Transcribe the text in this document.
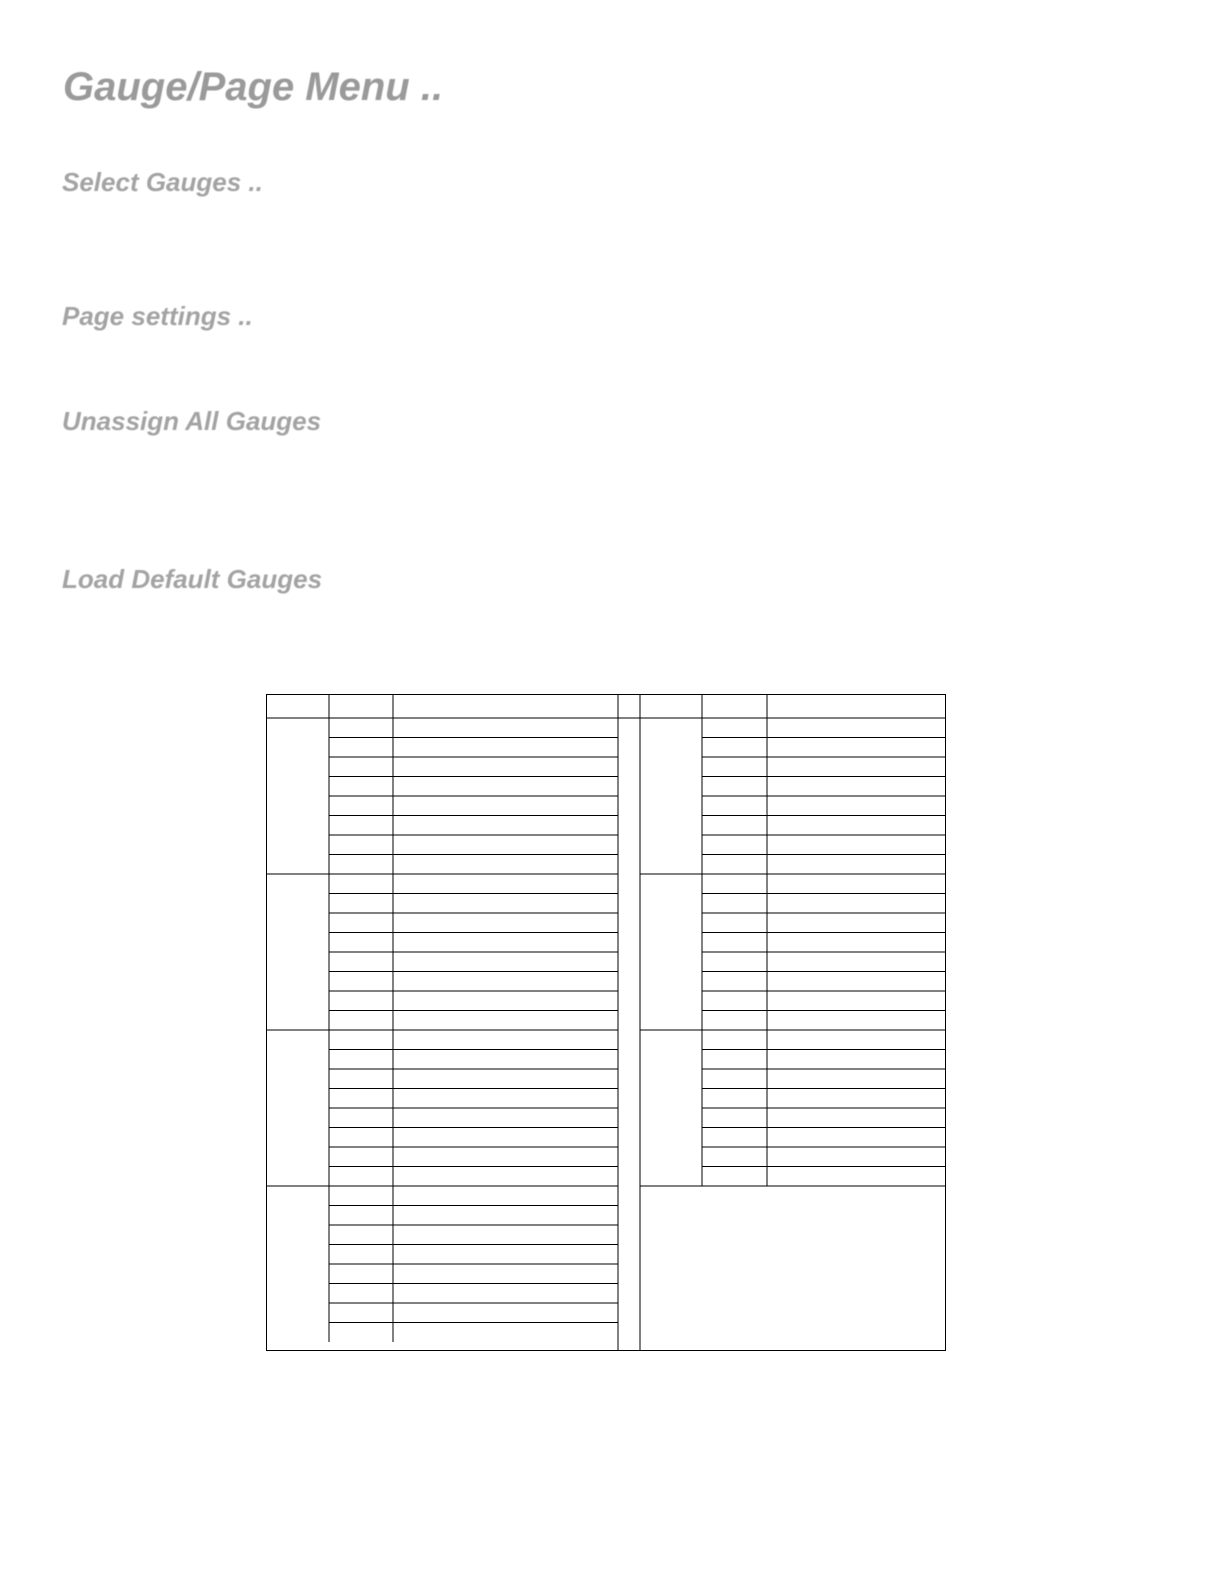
Gauge/Page Menu ..
Select Gauges ..
Page settings ..
Unassign All Gauges
Load Default Gauges
